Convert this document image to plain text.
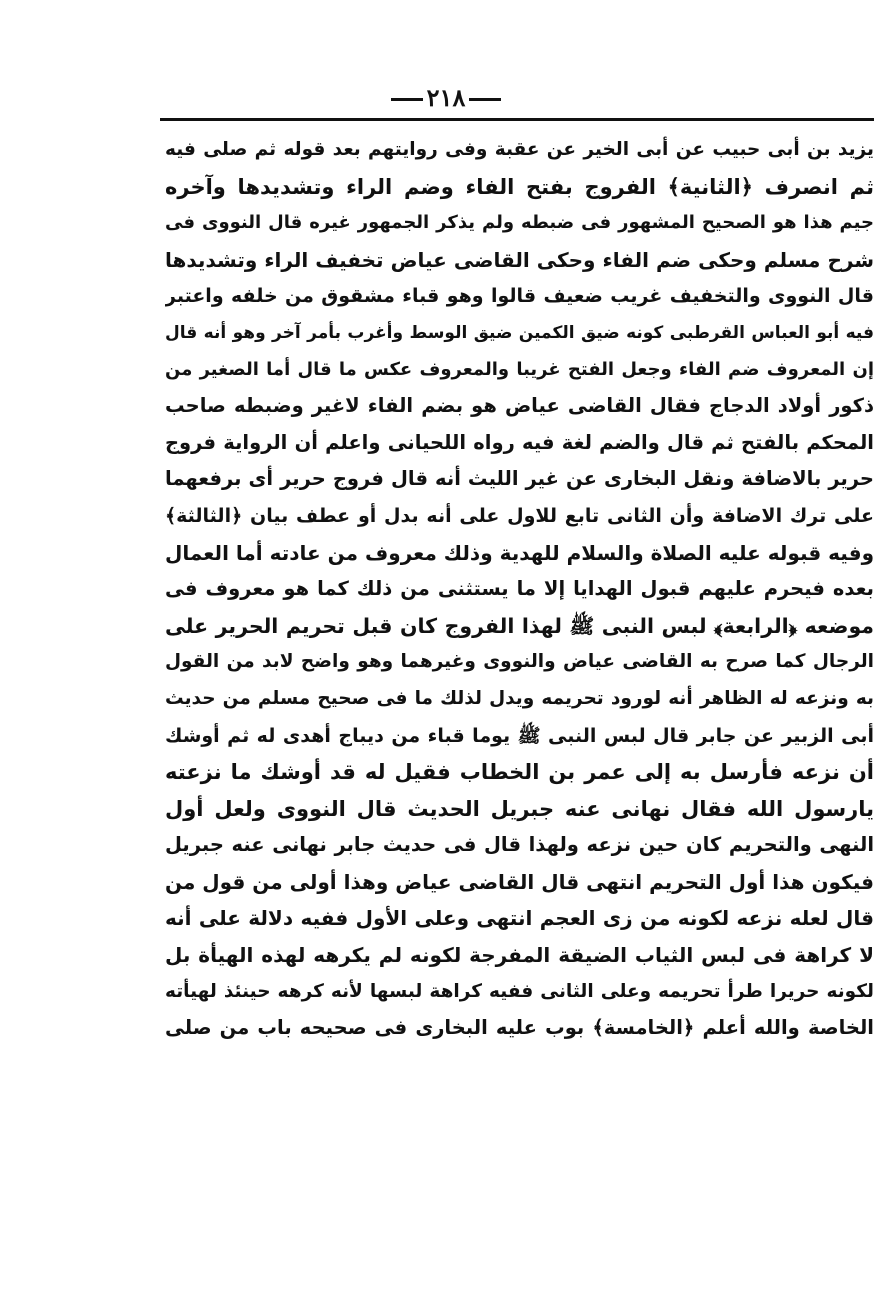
٢١٨
يزيد بن أبى حبيب عن أبى الخير عن عقبة وفى روايتهم بعد قوله ثم صلى فيه
ثم انصرف ﴿الثانية﴾ الفروج بفتح الفاء وضم الراء وتشديدها وآخره
جيم هذا هو الصحيح المشهور فى ضبطه ولم يذكر الجمهور غيره قال النووى فى
شرح مسلم وحكى ضم الفاء وحكى القاضى عياض تخفيف الراء وتشديدها
قال النووى والتخفيف غريب ضعيف قالوا وهو قباء مشقوق من خلفه واعتبر
فيه أبو العباس القرطبى كونه ضيق الكمين ضيق الوسط وأغرب بأمر آخر وهو أنه قال
إن المعروف ضم الفاء وجعل الفتح غريبا والمعروف عكس ما قال أما الصغير من
ذكور أولاد الدجاج فقال القاضى عياض هو بضم الفاء لاغير وضبطه صاحب
المحكم بالفتح ثم قال والضم لغة فيه رواه اللحيانى واعلم أن الرواية فروج
حرير بالاضافة ونقل البخارى عن غير الليث أنه قال فروج حرير أى برفعهما
على ترك الاضافة وأن الثانى تابع للاول على أنه بدل أو عطف بيان ﴿الثالثة﴾
وفيه قبوله عليه الصلاة والسلام للهدية وذلك معروف من عادته أما العمال
بعده فيحرم عليهم قبول الهدايا إلا ما يستثنى من ذلك كما هو معروف فى
موضعه ﴿الرابعة﴾ لبس النبى ﷺ لهذا الفروج كان قبل تحريم الحرير على
الرجال كما صرح به القاضى عياض والنووى وغيرهما وهو واضح لابد من القول
به ونزعه له الظاهر أنه لورود تحريمه ويدل لذلك ما فى صحيح مسلم من حديث
أبى الزبير عن جابر قال لبس النبى ﷺ يوما قباء من ديباج أهدى له ثم أوشك
أن نزعه فأرسل به إلى عمر بن الخطاب فقيل له قد أوشك ما نزعته
يارسول الله فقال نهانى عنه جبريل الحديث قال النووى ولعل أول
النهى والتحريم كان حين نزعه ولهذا قال فى حديث جابر نهانى عنه جبريل
فيكون هذا أول التحريم انتهى قال القاضى عياض وهذا أولى من قول من
قال لعله نزعه لكونه من زى العجم انتهى وعلى الأول ففيه دلالة على أنه
لا كراهة فى لبس الثياب الضيقة المفرجة لكونه لم يكرهه لهذه الهيأة بل
لكونه حريرا طرأ تحريمه وعلى الثانى ففيه كراهة لبسها لأنه كرهه حينئذ لهيأته
الخاصة والله أعلم ﴿الخامسة﴾ بوب عليه البخارى فى صحيحه باب من صلى
